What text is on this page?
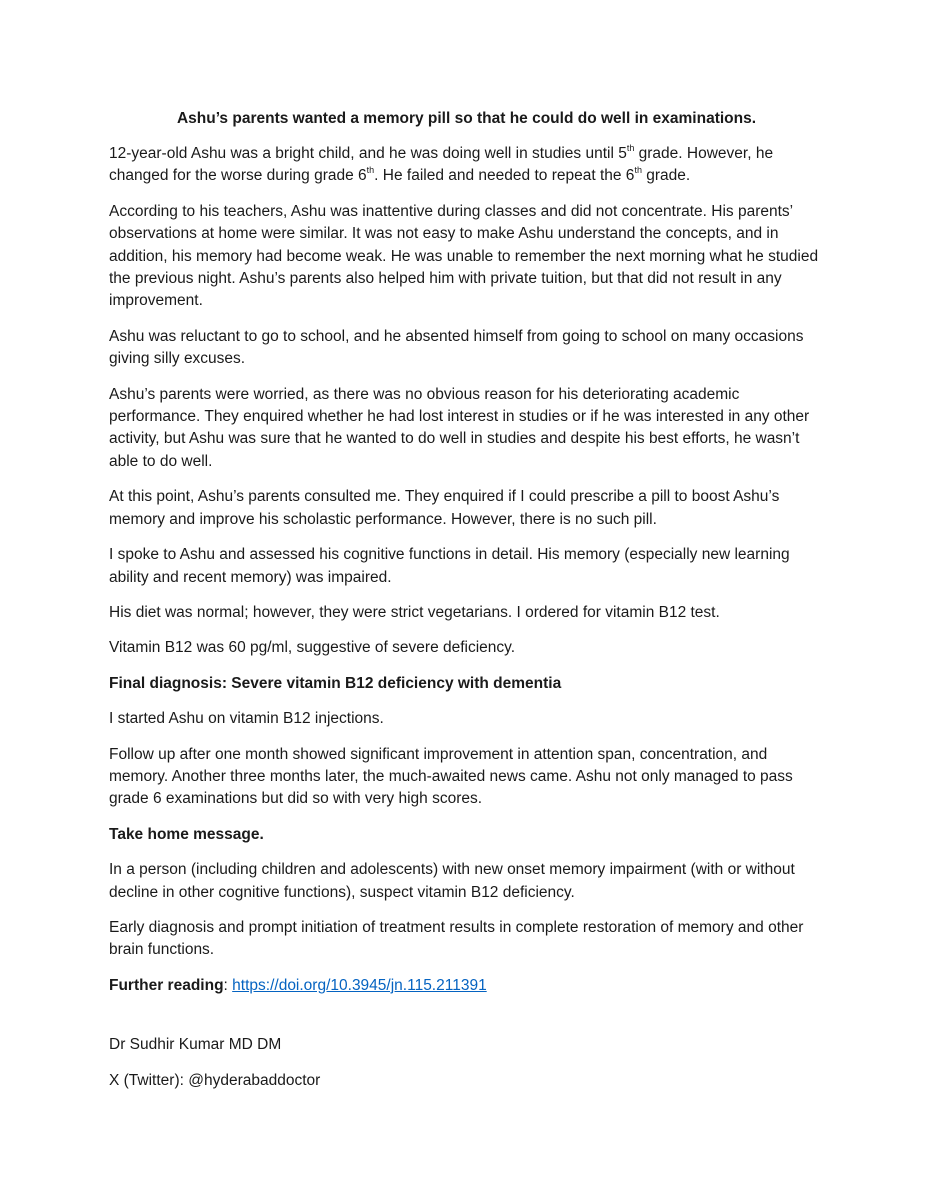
Ashu’s parents wanted a memory pill so that he could do well in examinations.

12-year-old Ashu was a bright child, and he was doing well in studies until 5th grade. However, he changed for the worse during grade 6th. He failed and needed to repeat the 6th grade.

According to his teachers, Ashu was inattentive during classes and did not concentrate. His parents’ observations at home were similar. It was not easy to make Ashu understand the concepts, and in addition, his memory had become weak. He was unable to remember the next morning what he studied the previous night. Ashu’s parents also helped him with private tuition, but that did not result in any improvement.

Ashu was reluctant to go to school, and he absented himself from going to school on many occasions giving silly excuses.

Ashu’s parents were worried, as there was no obvious reason for his deteriorating academic performance. They enquired whether he had lost interest in studies or if he was interested in any other activity, but Ashu was sure that he wanted to do well in studies and despite his best efforts, he wasn’t able to do well.

At this point, Ashu’s parents consulted me. They enquired if I could prescribe a pill to boost Ashu’s memory and improve his scholastic performance. However, there is no such pill.

I spoke to Ashu and assessed his cognitive functions in detail. His memory (especially new learning ability and recent memory) was impaired.

His diet was normal; however, they were strict vegetarians. I ordered for vitamin B12 test.

Vitamin B12 was 60 pg/ml, suggestive of severe deficiency.

Final diagnosis: Severe vitamin B12 deficiency with dementia

I started Ashu on vitamin B12 injections.

Follow up after one month showed significant improvement in attention span, concentration, and memory. Another three months later, the much-awaited news came. Ashu not only managed to pass grade 6 examinations but did so with very high scores.

Take home message.

In a person (including children and adolescents) with new onset memory impairment (with or without decline in other cognitive functions), suspect vitamin B12 deficiency.

Early diagnosis and prompt initiation of treatment results in complete restoration of memory and other brain functions.

Further reading: https://doi.org/10.3945/jn.115.211391

Dr Sudhir Kumar MD DM

X (Twitter): @hyderabaddoctor
